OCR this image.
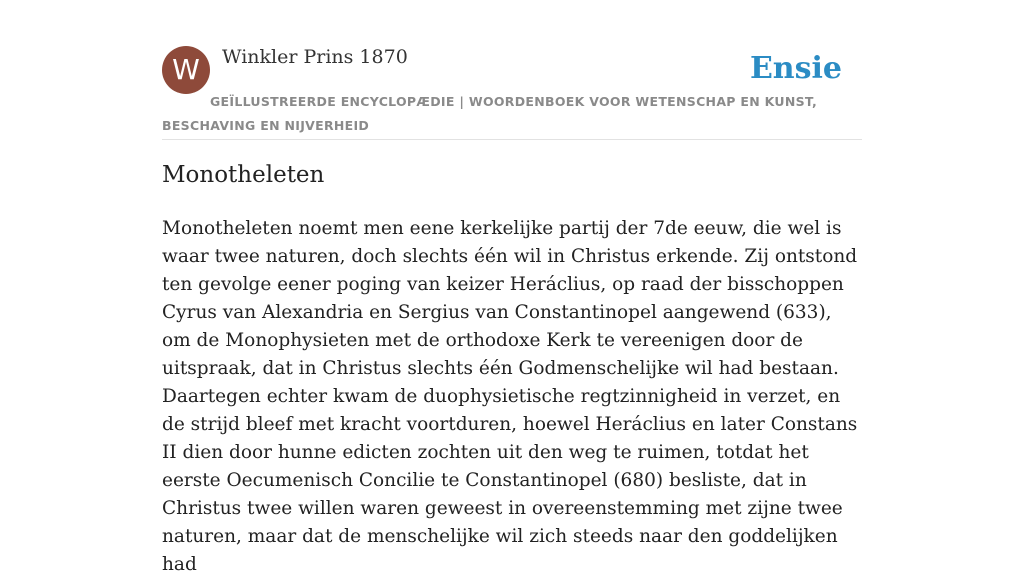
W	Winkler Prins 1870	Ensie
GEÏLLUSTREERDE ENCYCLOPÆDIE | WOORDENBOEK VOOR WETENSCHAP EN KUNST, BESCHAVING EN NIJVERHEID
Monotheleten

Monotheleten noemt men eene kerkelijke partij der 7de eeuw, die wel is waar twee naturen, doch slechts één wil in Christus erkende. Zij ontstond ten gevolge eener poging van keizer Heráclius, op raad der bisschoppen Cyrus van Alexandria en Sergius van Constantinopel aangewend (633), om de Monophysieten met de orthodoxe Kerk te vereenigen door de uitspraak, dat in Christus slechts één Godmenschelijke wil had bestaan. Daartegen echter kwam de duophysietische regtzinnigheid in verzet, en de strijd bleef met kracht voortduren, hoewel Heráclius en later Constans II dien door hunne edicten zochten uit den weg te ruimen, totdat het eerste Oecumenisch Concilie te Constantinopel (680) besliste, dat in Christus twee willen waren geweest in overeenstemming met zijne twee naturen, maar dat de menschelijke wil zich steeds naar den goddelijken had
